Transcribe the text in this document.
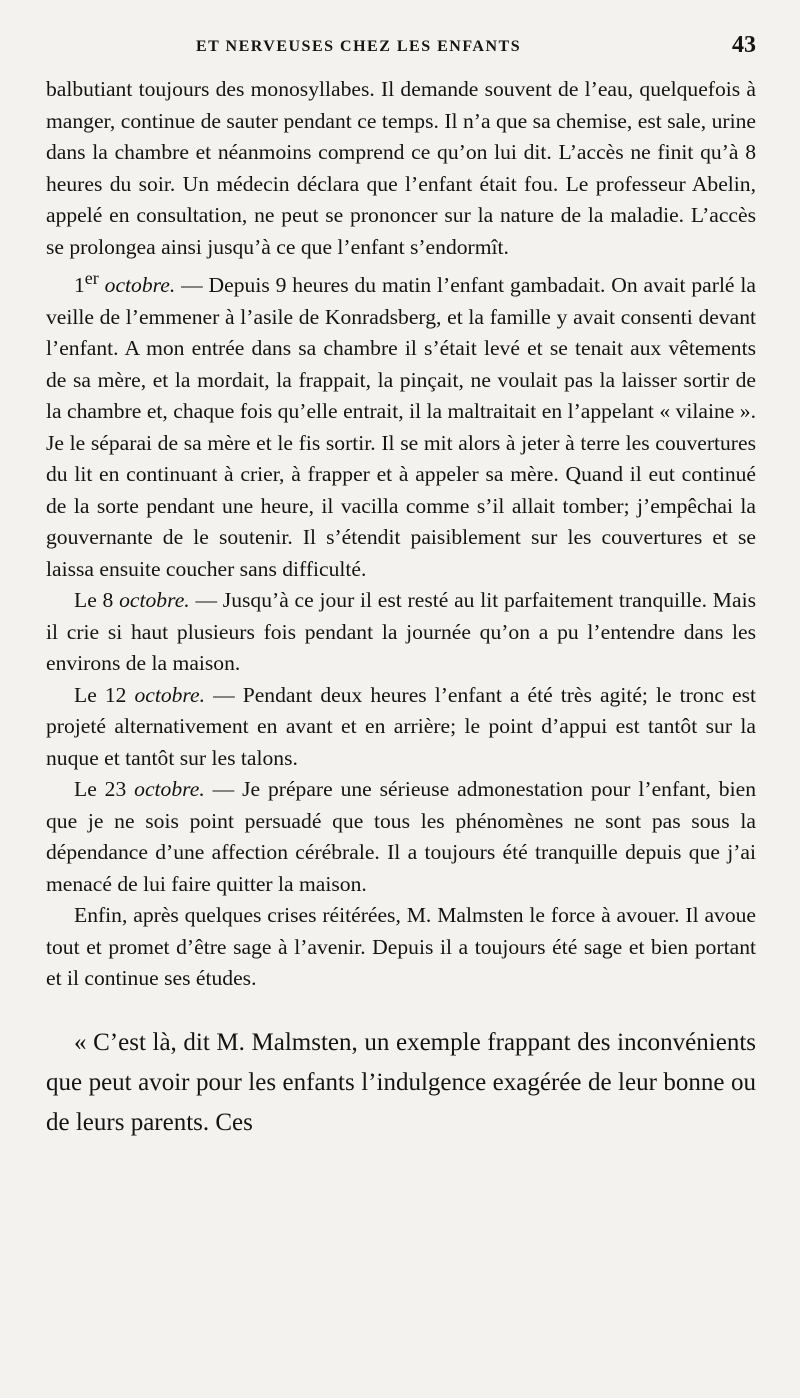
ET NERVEUSES CHEZ LES ENFANTS	43

balbutiant toujours des monosyllabes. Il demande souvent de l’eau, quelquefois à manger, continue de sauter pendant ce temps. Il n’a que sa chemise, est sale, urine dans la chambre et néanmoins comprend ce qu’on lui dit. L’accès ne finit qu’à 8 heures du soir. Un médecin déclara que l’enfant était fou. Le professeur Abelin, appelé en consultation, ne peut se prononcer sur la nature de la maladie. L’accès se prolongea ainsi jusqu’à ce que l’enfant s’endormît.

1er octobre. — Depuis 9 heures du matin l’enfant gambadait. On avait parlé la veille de l’emmener à l’asile de Konradsberg, et la famille y avait consenti devant l’enfant. A mon entrée dans sa chambre il s’était levé et se tenait aux vêtements de sa mère, et la mordait, la frappait, la pinçait, ne voulait pas la laisser sortir de la chambre et, chaque fois qu’elle entrait, il la maltraitait en l’appelant « vilaine ». Je le séparai de sa mère et le fis sortir. Il se mit alors à jeter à terre les couvertures du lit en continuant à crier, à frapper et à appeler sa mère. Quand il eut continué de la sorte pendant une heure, il vacilla comme s’il allait tomber; j’empêchai la gouvernante de le soutenir. Il s’étendit paisiblement sur les couvertures et se laissa ensuite coucher sans difficulté.

Le 8 octobre. — Jusqu’à ce jour il est resté au lit parfaitement tranquille. Mais il crie si haut plusieurs fois pendant la journée qu’on a pu l’entendre dans les environs de la maison.

Le 12 octobre. — Pendant deux heures l’enfant a été très agité; le tronc est projeté alternativement en avant et en arrière; le point d’appui est tantôt sur la nuque et tantôt sur les talons.

Le 23 octobre. — Je prépare une sérieuse admonestation pour l’enfant, bien que je ne sois point persuadé que tous les phénomènes ne sont pas sous la dépendance d’une affection cérébrale. Il a toujours été tranquille depuis que j’ai menacé de lui faire quitter la maison.

Enfin, après quelques crises réitérées, M. Malmsten le force à avouer. Il avoue tout et promet d’être sage à l’avenir. Depuis il a toujours été sage et bien portant et il continue ses études.

« C’est là, dit M. Malmsten, un exemple frappant des inconvénients que peut avoir pour les enfants l’indulgence exagérée de leur bonne ou de leurs parents. Ces
